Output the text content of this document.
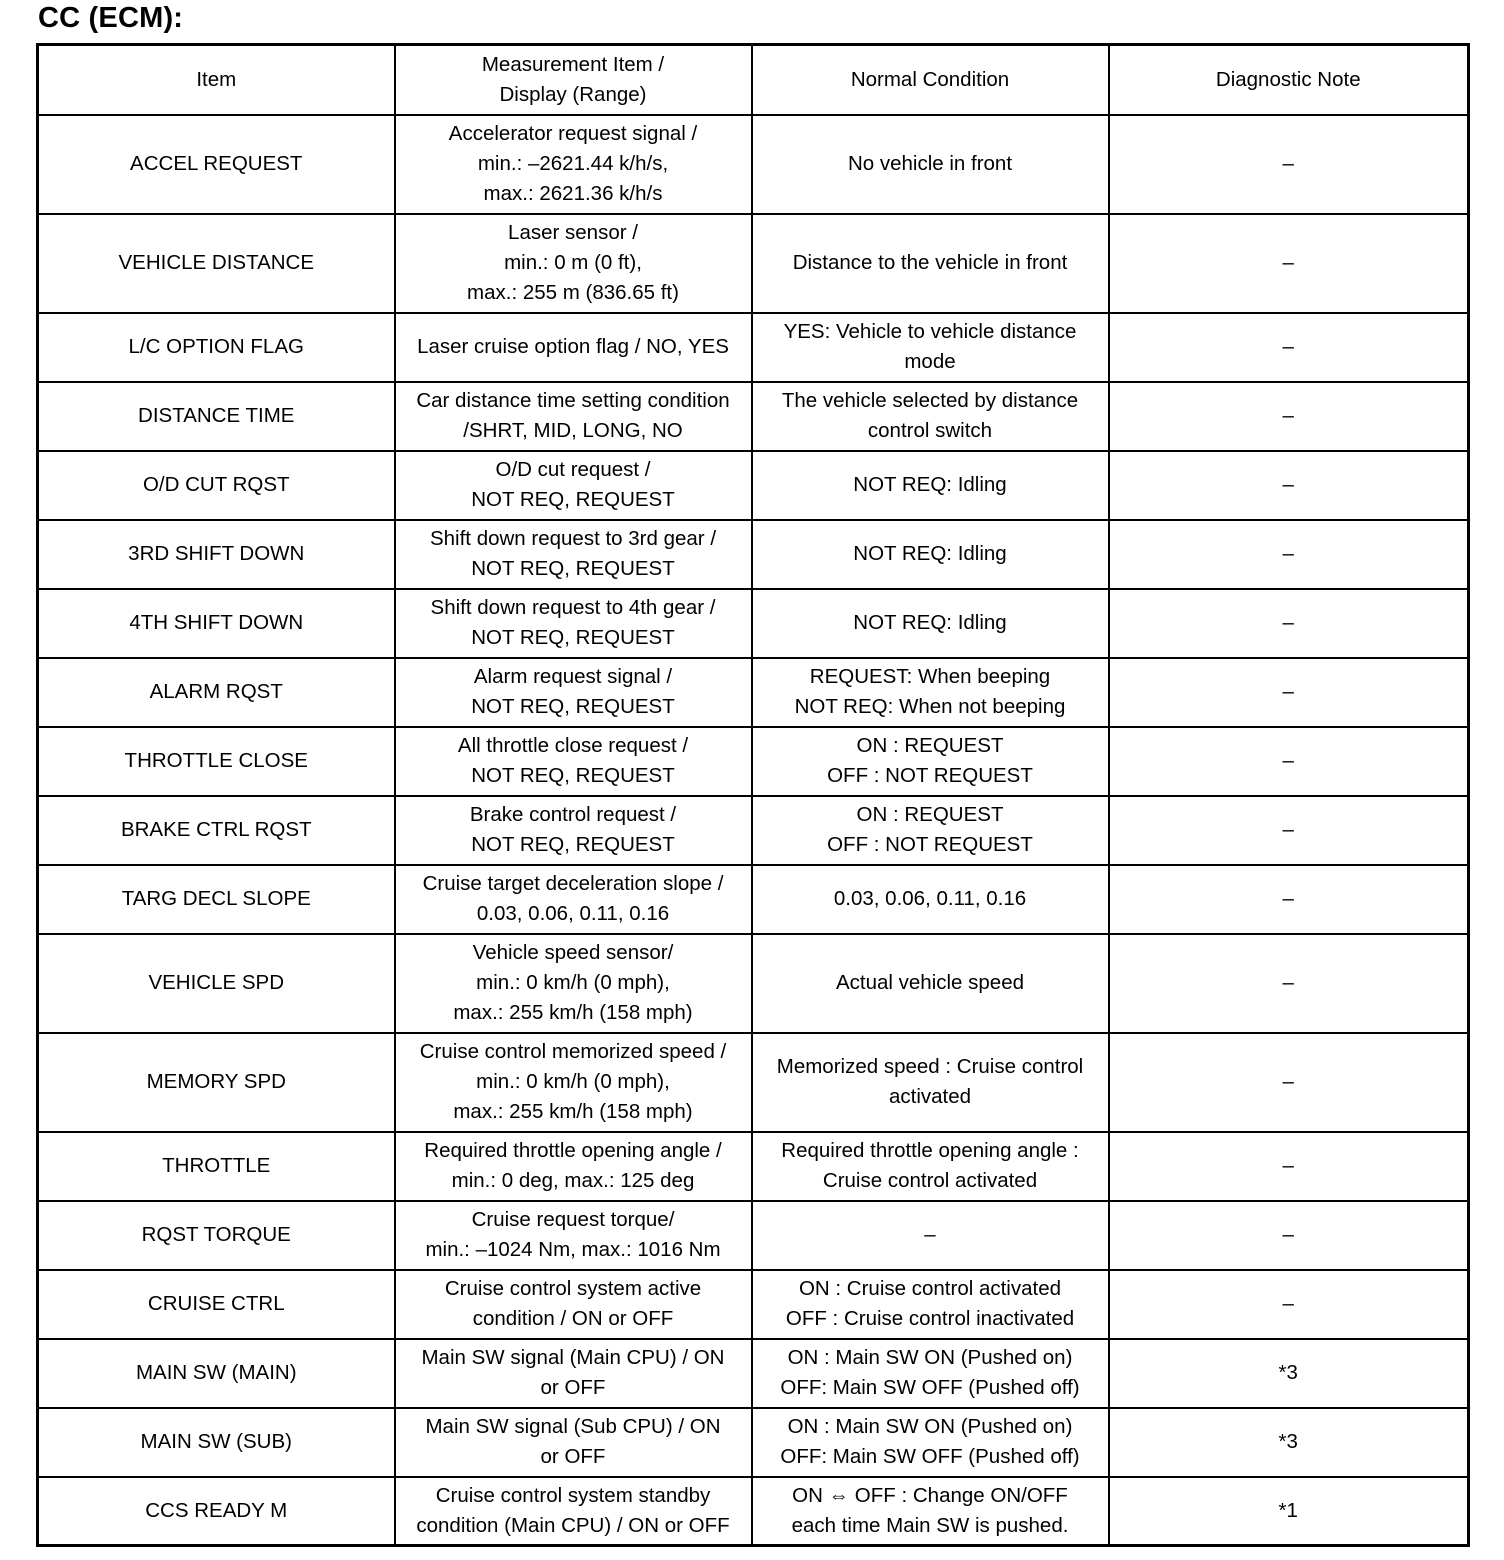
CC (ECM):
Item	Measurement Item /
Display (Range)	Normal Condition	Diagnostic Note
ACCEL REQUEST	Accelerator request signal /
min.: –2621.44 k/h/s,
max.: 2621.36 k/h/s	No vehicle in front	–
VEHICLE DISTANCE	Laser sensor /
min.: 0 m (0 ft),
max.: 255 m (836.65 ft)	Distance to the vehicle in front	–
L/C OPTION FLAG	Laser cruise option flag / NO, YES	YES: Vehicle to vehicle distance
mode	–
DISTANCE TIME	Car distance time setting condition
/SHRT, MID, LONG, NO	The vehicle selected by distance
control switch	–
O/D CUT RQST	O/D cut request /
NOT REQ, REQUEST	NOT REQ: Idling	–
3RD SHIFT DOWN	Shift down request to 3rd gear /
NOT REQ, REQUEST	NOT REQ: Idling	–
4TH SHIFT DOWN	Shift down request to 4th gear /
NOT REQ, REQUEST	NOT REQ: Idling	–
ALARM RQST	Alarm request signal /
NOT REQ, REQUEST	REQUEST: When beeping
NOT REQ: When not beeping	–
THROTTLE CLOSE	All throttle close request /
NOT REQ, REQUEST	ON : REQUEST
OFF : NOT REQUEST	–
BRAKE CTRL RQST	Brake control request /
NOT REQ, REQUEST	ON : REQUEST
OFF : NOT REQUEST	–
TARG DECL SLOPE	Cruise target deceleration slope /
0.03, 0.06, 0.11, 0.16	0.03, 0.06, 0.11, 0.16	–
VEHICLE SPD	Vehicle speed sensor/
min.: 0 km/h (0 mph),
max.: 255 km/h (158 mph)	Actual vehicle speed	–
MEMORY SPD	Cruise control memorized speed /
min.: 0 km/h (0 mph),
max.: 255 km/h (158 mph)	Memorized speed : Cruise control
activated	–
THROTTLE	Required throttle opening angle /
min.: 0 deg, max.: 125 deg	Required throttle opening angle :
Cruise control activated	–
RQST TORQUE	Cruise request torque/
min.: –1024 Nm, max.: 1016 Nm	–	–
CRUISE CTRL	Cruise control system active
condition / ON or OFF	ON : Cruise control activated
OFF : Cruise control inactivated	–
MAIN SW (MAIN)	Main SW signal (Main CPU) / ON
or OFF	ON : Main SW ON (Pushed on)
OFF: Main SW OFF (Pushed off)	*3
MAIN SW (SUB)	Main SW signal (Sub CPU) / ON
or OFF	ON : Main SW ON (Pushed on)
OFF: Main SW OFF (Pushed off)	*3
CCS READY M	Cruise control system standby
condition (Main CPU) / ON or OFF	ON ⇔ OFF : Change ON/OFF
each time Main SW is pushed.	*1
